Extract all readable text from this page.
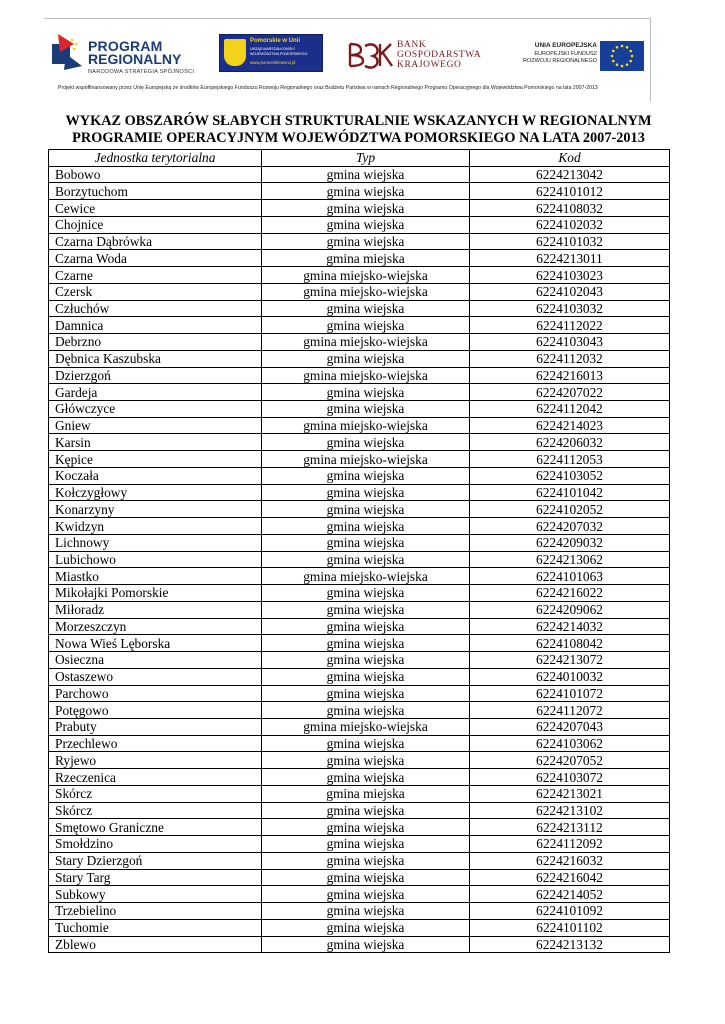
PROGRAM
REGIONALNY
NARODOWA STRATEGIA SPÓJNOŚCI
Pomorskie w Unii
URZĄD MARSZAŁKOWSKI
WOJEWÓDZTWA POMORSKIEGO
www.pomorskiewunii.pl
BANK
GOSPODARSTWA
KRAJOWEGO
UNIA EUROPEJSKA
EUROPEJSKI FUNDUSZ
ROZWOJU REGIONALNEGO
Projekt współfinansowany przez Unię Europejską ze środków Europejskiego Funduszu Rozwoju Regionalnego oraz Budżetu Państwa w ramach Regionalnego Programu Operacyjnego dla Województwa Pomorskiego na lata 2007-2013
WYKAZ OBSZARÓW SŁABYCH STRUKTURALNIE WSKAZANYCH W REGIONALNYM
PROGRAMIE OPERACYJNYM WOJEWÓDZTWA POMORSKIEGO NA LATA 2007-2013
Jednostka terytorialna	Typ	Kod
Bobowo	gmina wiejska	6224213042
Borzytuchom	gmina wiejska	6224101012
Cewice	gmina wiejska	6224108032
Chojnice	gmina wiejska	6224102032
Czarna Dąbrówka	gmina wiejska	6224101032
Czarna Woda	gmina miejska	6224213011
Czarne	gmina miejsko-wiejska	6224103023
Czersk	gmina miejsko-wiejska	6224102043
Człuchów	gmina wiejska	6224103032
Damnica	gmina wiejska	6224112022
Debrzno	gmina miejsko-wiejska	6224103043
Dębnica Kaszubska	gmina wiejska	6224112032
Dzierzgoń	gmina miejsko-wiejska	6224216013
Gardeja	gmina wiejska	6224207022
Główczyce	gmina wiejska	6224112042
Gniew	gmina miejsko-wiejska	6224214023
Karsin	gmina wiejska	6224206032
Kępice	gmina miejsko-wiejska	6224112053
Koczała	gmina wiejska	6224103052
Kołczygłowy	gmina wiejska	6224101042
Konarzyny	gmina wiejska	6224102052
Kwidzyn	gmina wiejska	6224207032
Lichnowy	gmina wiejska	6224209032
Lubichowo	gmina wiejska	6224213062
Miastko	gmina miejsko-wiejska	6224101063
Mikołajki Pomorskie	gmina wiejska	6224216022
Miłoradz	gmina wiejska	6224209062
Morzeszczyn	gmina wiejska	6224214032
Nowa Wieś Lęborska	gmina wiejska	6224108042
Osieczna	gmina wiejska	6224213072
Ostaszewo	gmina wiejska	6224010032
Parchowo	gmina wiejska	6224101072
Potęgowo	gmina wiejska	6224112072
Prabuty	gmina miejsko-wiejska	6224207043
Przechlewo	gmina wiejska	6224103062
Ryjewo	gmina wiejska	6224207052
Rzeczenica	gmina wiejska	6224103072
Skórcz	gmina miejska	6224213021
Skórcz	gmina wiejska	6224213102
Smętowo Graniczne	gmina wiejska	6224213112
Smołdzino	gmina wiejska	6224112092
Stary Dzierzgoń	gmina wiejska	6224216032
Stary Targ	gmina wiejska	6224216042
Subkowy	gmina wiejska	6224214052
Trzebielino	gmina wiejska	6224101092
Tuchomie	gmina wiejska	6224101102
Zblewo	gmina wiejska	6224213132
